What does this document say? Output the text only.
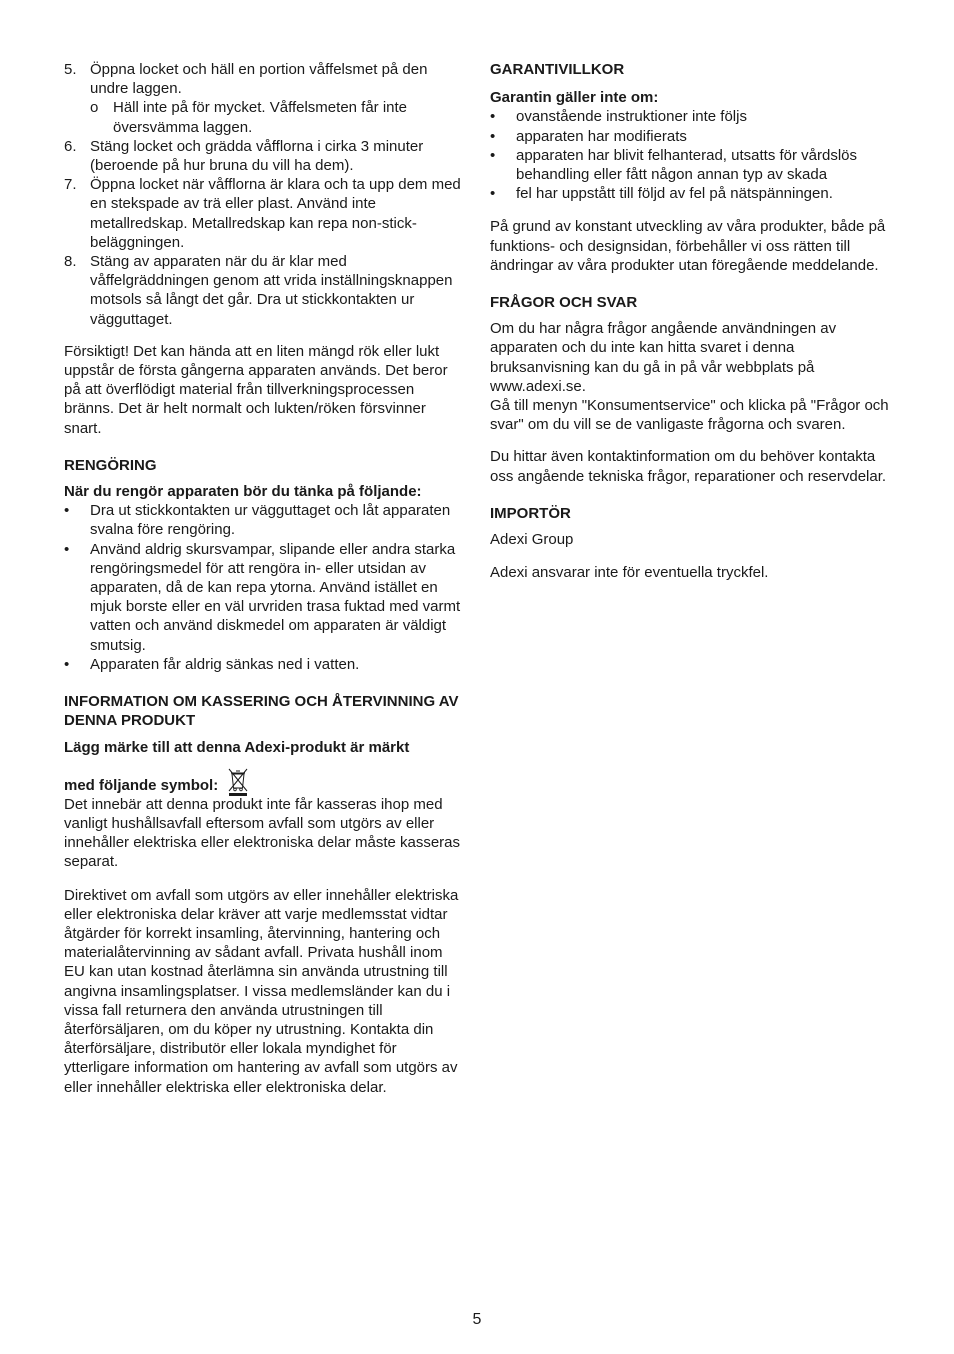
5. Öppna locket och häll en portion våffelsmet på den undre laggen.

o Häll inte på för mycket. Våffelsmeten får inte översvämma laggen.
6. Stäng locket och grädda våfflorna i cirka 3 minuter (beroende på hur bruna du vill ha dem).
7. Öppna locket när våfflorna är klara och ta upp dem med en stekspade av trä eller plast. Använd inte metallredskap. Metallredskap kan repa non-stick-beläggningen.
8. Stäng av apparaten när du är klar med våffelgräddningen genom att vrida inställningsknappen motsols så långt det går. Dra ut stickkontakten ur vägguttaget.

Försiktigt! Det kan hända att en liten mängd rök eller lukt uppstår de första gångerna apparaten används. Det beror på att överflödigt material från tillverkningsprocessen bränns. Det är helt normalt och lukten/röken försvinner snart.

RENGÖRING

När du rengör apparaten bör du tänka på följande:

•	Dra ut stickkontakten ur vägguttaget och låt apparaten svalna före rengöring.
•	Använd aldrig skursvampar, slipande eller andra starka rengöringsmedel för att rengöra in- eller utsidan av apparaten, då de kan repa ytorna. Använd istället en mjuk borste eller en väl urvriden trasa fuktad med varmt vatten och använd diskmedel om apparaten är väldigt smutsig.
•	Apparaten får aldrig sänkas ned i vatten.

INFORMATION OM KASSERING OCH ÅTERVINNING AV DENNA PRODUKT

Lägg märke till att denna Adexi-produkt är märkt

med följande symbol:

Det innebär att denna produkt inte får kasseras ihop med vanligt hushållsavfall eftersom avfall som utgörs av eller innehåller elektriska eller elektroniska delar måste kasseras separat.

Direktivet om avfall som utgörs av eller innehåller elektriska eller elektroniska delar kräver att varje medlemsstat vidtar åtgärder för korrekt insamling, återvinning, hantering och materialåtervinning av sådant avfall. Privata hushåll inom EU kan utan kostnad återlämna sin använda utrustning till angivna insamlingsplatser. I vissa medlemsländer kan du i vissa fall returnera den använda utrustningen till återförsäljaren, om du köper ny utrustning. Kontakta din återförsäljare, distributör eller lokala myndighet för ytterligare information om hantering av avfall som utgörs av eller innehåller elektriska eller elektroniska delar.

GARANTIVILLKOR

Garantin gäller inte om:

•	ovanstående instruktioner inte följs
•	apparaten har modifierats
•	apparaten har blivit felhanterad, utsatts för vårdslös behandling eller fått någon annan typ av skada
•	fel har uppstått till följd av fel på nätspänningen.

På grund av konstant utveckling av våra produkter, både på funktions- och designsidan, förbehåller vi oss rätten till ändringar av våra produkter utan föregående meddelande.

FRÅGOR OCH SVAR

Om du har några frågor angående användningen av apparaten och du inte kan hitta svaret i denna bruksanvisning kan du gå in på vår webbplats på www.adexi.se.

Gå till menyn "Konsumentservice" och klicka på "Frågor och svar" om du vill se de vanligaste frågorna och svaren.

Du hittar även kontaktinformation om du behöver kontakta oss angående tekniska frågor, reparationer och reservdelar.

IMPORTÖR

Adexi Group

Adexi ansvarar inte för eventuella tryckfel.

5
